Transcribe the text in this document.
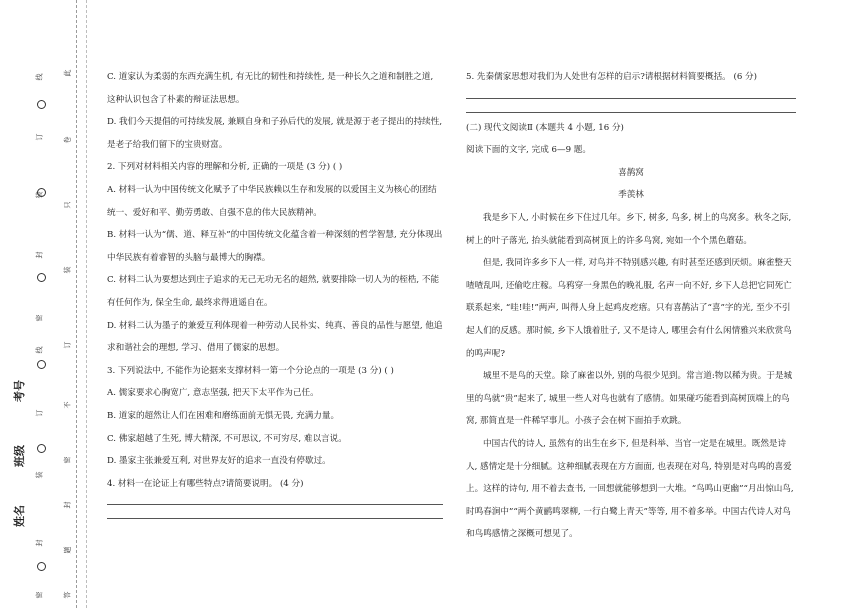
线
订
装
封
密
线
订
装
封
密
此
卷
只
装
订
不
密
封
题
答
姓名
班级
考号

C. 道家认为柔弱的东西充满生机, 有无比的韧性和持续性, 是一种长久之道和制胜之道, 这种认识包含了朴素的辩证法思想。

D. 我们今天提倡的可持续发展, 兼顾自身和子孙后代的发展, 就是源于老子提出的持续性, 是老子给我们留下的宝贵财富。

2. 下列对材料相关内容的理解和分析, 正确的一项是 (3 分) ( )

A. 材料一认为中国传统文化赋予了中华民族赖以生存和发展的以爱国主义为核心的团结统一、爱好和平、勤劳勇敢、自强不息的伟大民族精神。

B. 材料一认为“儒、道、释互补”的中国传统文化蕴含着一种深刻的哲学智慧, 充分体现出中华民族有着睿智的头脑与最博大的胸襟。

C. 材料二认为要想达到庄子追求的无己无功无名的超然, 就要排除一切人为的桎梏, 不能有任何作为, 保全生命, 最终求得逍遥自在。

D. 材料二认为墨子的兼爱互利体现着一种劳动人民朴实、纯真、善良的品性与愿望, 他追求和谐社会的理想, 学习、借用了儒家的思想。

3. 下列说法中, 不能作为论据来支撑材料一第一个分论点的一项是 (3 分) ( )

A. 儒家要求心胸宽广, 意志坚强, 把天下太平作为己任。

B. 道家的超然让人们在困难和磨练面前无惧无畏, 充满力量。

C. 佛家超越了生死, 博大精深, 不可思议, 不可穷尽, 难以言说。

D. 墨家主张兼爱互利, 对世界友好的追求一直没有停歇过。

4. 材料一在论证上有哪些特点?请简要说明。 (4 分)

5. 先秦儒家思想对我们为人处世有怎样的启示?请根据材料简要概括。 (6 分)

(二) 现代文阅读Ⅱ (本题共 4 小题, 16 分)

阅读下面的文字, 完成 6—9 题。

喜鹊窝

季羡林

我是乡下人, 小时候在乡下住过几年。乡下, 树多, 鸟多, 树上的鸟窝多。秋冬之际, 树上的叶子落光, 抬头就能看到高树顶上的许多鸟窝, 宛如一个个黑色蘑菇。

但是, 我同许多乡下人一样, 对鸟并不特别感兴趣, 有时甚至还感到厌烦。麻雀整天喳喳乱叫, 还偷吃庄稼。乌鸦穿一身黑色的晚礼服, 名声一向不好, 乡下人总把它同死亡联系起来, “哇!哇!”两声, 叫得人身上起鸡皮疙瘩。只有喜鹊沾了“喜”字的光, 至少不引起人们的反感。那时候, 乡下人饿着肚子, 又不是诗人, 哪里会有什么闲情雅兴来欣赏鸟的鸣声呢?

城里不是鸟的天堂。除了麻雀以外, 别的鸟很少见到。常言道:物以稀为贵。于是城里的鸟就“贵”起来了, 城里一些人对鸟也就有了感情。如果碰巧能看到高树顶端上的鸟窝, 那简直是一件稀罕事儿。小孩子会在树下面拍手欢跳。

中国古代的诗人, 虽然有的出生在乡下, 但是科举、当官一定是在城里。既然是诗人, 感情定是十分细腻。这种细腻表现在方方面面, 也表现在对鸟, 特别是对鸟鸣的喜爱上。这样的诗句, 用不着去查书, 一回想就能够想到一大堆。“鸟鸣山更幽”“月出惊山鸟, 时鸣春涧中”“两个黄鹂鸣翠柳, 一行白鹭上青天”等等, 用不着多举。中国古代诗人对鸟和鸟鸣感情之深概可想见了。
